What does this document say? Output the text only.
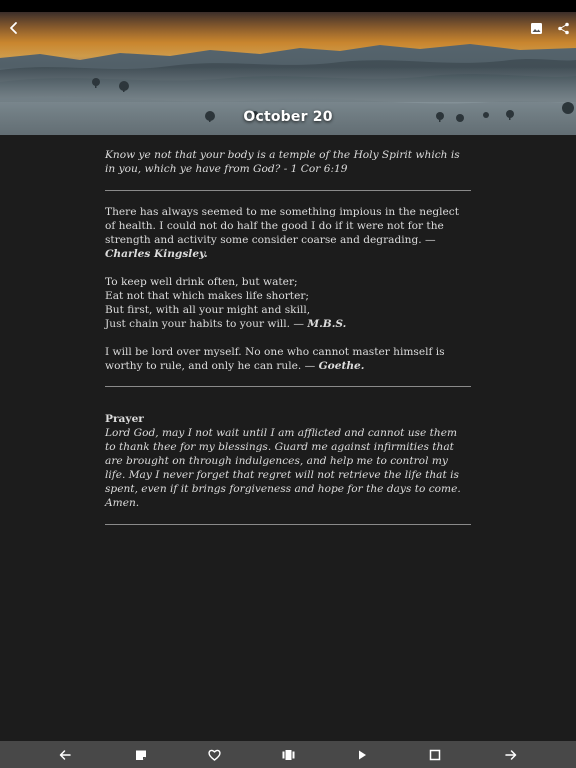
October 20

Know ye not that your body is a temple of the Holy Spirit which is in you, which ye have from God? - 1 Cor 6:19

There has always seemed to me something impious in the neglect of health. I could not do half the good I do if it were not for the strength and activity some consider coarse and degrading. — Charles Kingsley.

To keep well drink often, but water;
Eat not that which makes life shorter;
But first, with all your might and skill,
Just chain your habits to your will. — M.B.S.

I will be lord over myself. No one who cannot master himself is worthy to rule, and only he can rule. — Goethe.

Prayer

Lord God, may I not wait until I am afflicted and cannot use them to thank thee for my blessings. Guard me against infirmities that are brought on through indulgences, and help me to control my life. May I never forget that regret will not retrieve the life that is spent, even if it brings forgiveness and hope for the days to come. Amen.
